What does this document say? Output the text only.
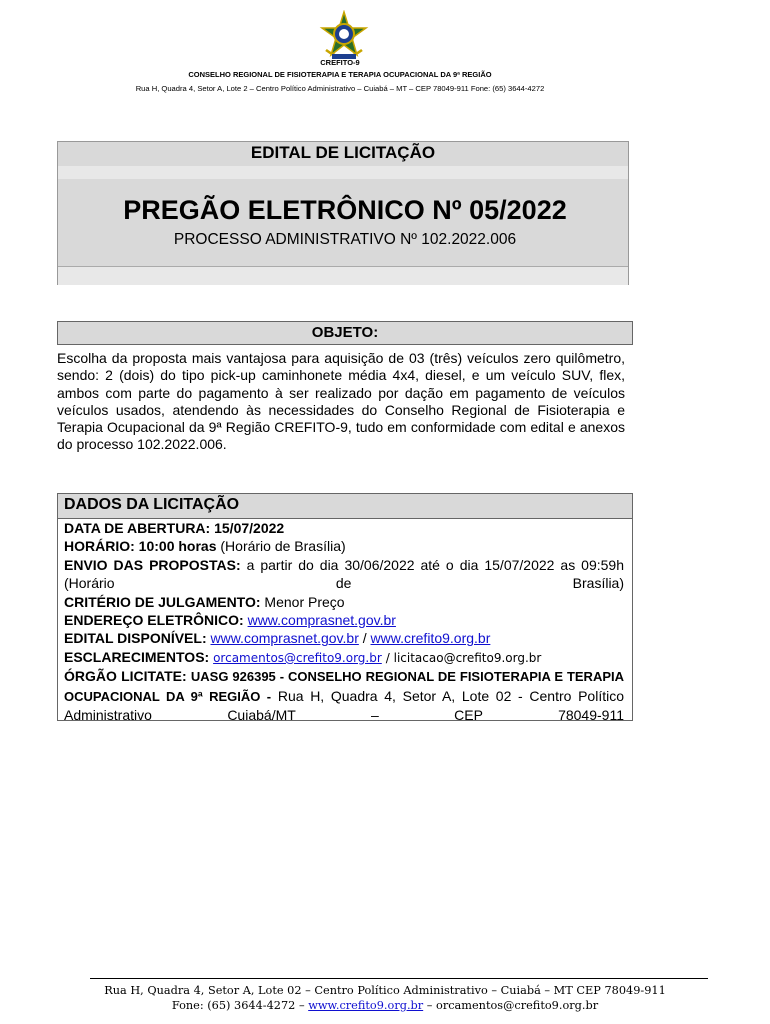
CREFITO-9
CONSELHO REGIONAL DE FISIOTERAPIA E TERAPIA OCUPACIONAL DA 9ª REGIÃO
Rua H, Quadra 4, Setor A, Lote 2 – Centro Político Administrativo – Cuiabá – MT – CEP 78049-911 Fone: (65) 3644-4272
EDITAL DE LICITAÇÃO
PREGÃO ELETRÔNICO Nº 05/2022
PROCESSO ADMINISTRATIVO Nº 102.2022.006
OBJETO:
Escolha da proposta mais vantajosa para aquisição de 03 (três) veículos zero quilômetro, sendo: 2 (dois) do tipo pick-up caminhonete média 4x4, diesel, e um veículo SUV, flex, ambos com parte do pagamento à ser realizado por dação em pagamento de veículos veículos usados, atendendo às necessidades do Conselho Regional de Fisioterapia e Terapia Ocupacional da 9ª Região CREFITO-9, tudo em conformidade com edital e anexos do processo 102.2022.006.
DADOS DA LICITAÇÃO
DATA DE ABERTURA: 15/07/2022
HORÁRIO: 10:00 horas (Horário de Brasília)
ENVIO DAS PROPOSTAS: a partir do dia 30/06/2022 até o dia 15/07/2022 as 09:59h (Horário de Brasília)
CRITÉRIO DE JULGAMENTO: Menor Preço
ENDEREÇO ELETRÔNICO: www.comprasnet.gov.br
EDITAL DISPONÍVEL: www.comprasnet.gov.br / www.crefito9.org.br
ESCLARECIMENTOS: orcamentos@crefito9.org.br / licitacao@crefito9.org.br
ÓRGÃO LICITATE: UASG 926395 - CONSELHO REGIONAL DE FISIOTERAPIA E TERAPIA OCUPACIONAL DA 9ª REGIÃO - Rua H, Quadra 4, Setor A, Lote 02 - Centro Político Administrativo Cuiabá/MT – CEP 78049-911
Rua H, Quadra 4, Setor A, Lote 02 – Centro Político Administrativo – Cuiabá – MT CEP 78049-911
Fone: (65) 3644-4272 – www.crefito9.org.br – orcamentos@crefito9.org.br
